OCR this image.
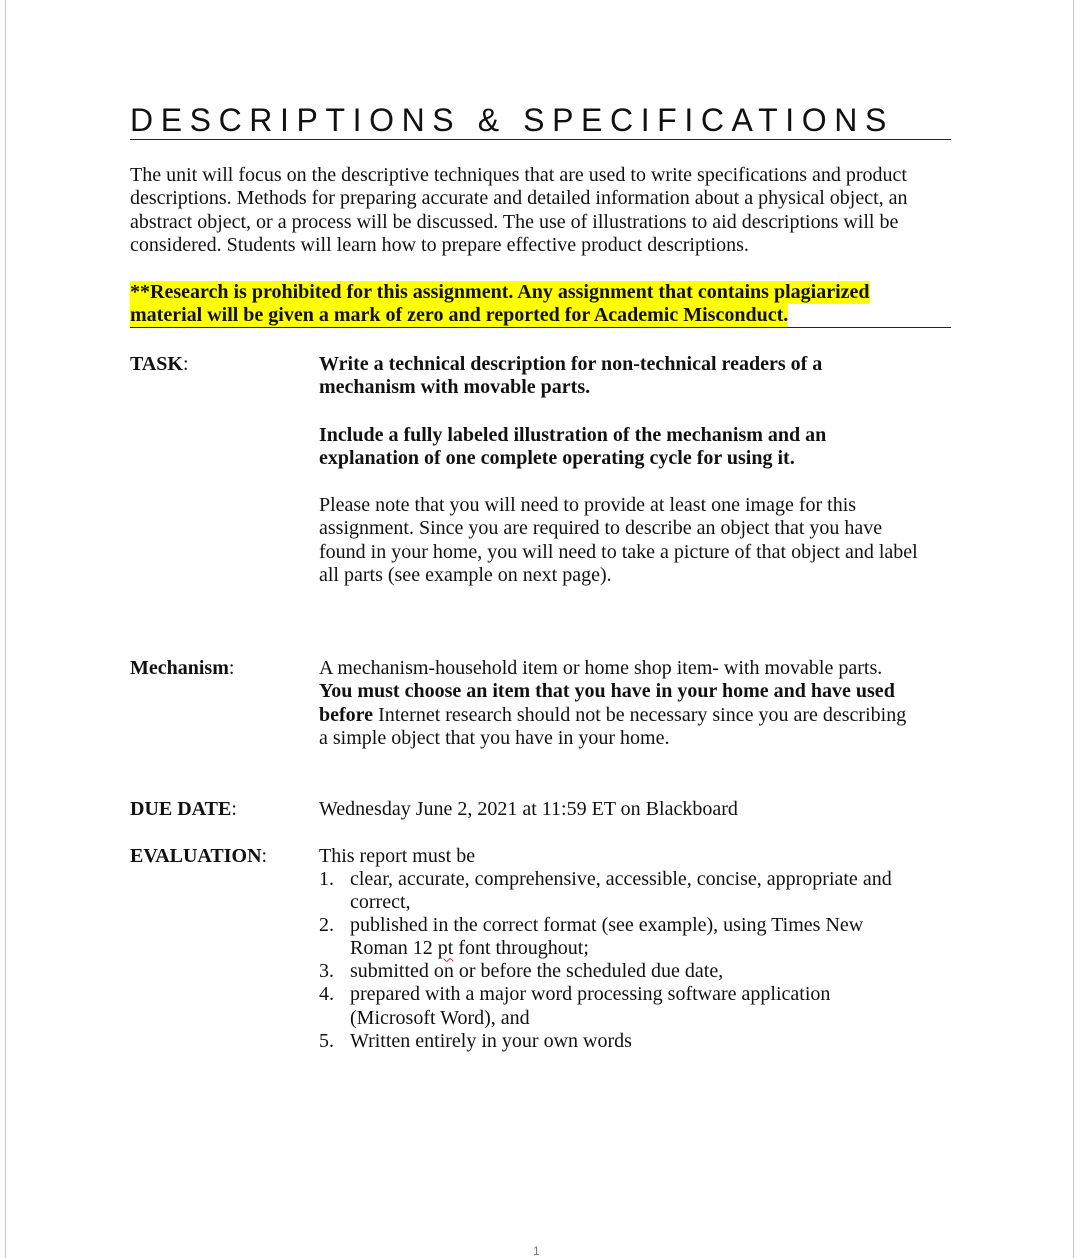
DESCRIPTIONS & SPECIFICATIONS
The unit will focus on the descriptive techniques that are used to write specifications and product
descriptions. Methods for preparing accurate and detailed information about a physical object, an
abstract object, or a process will be discussed. The use of illustrations to aid descriptions will be
considered. Students will learn how to prepare effective product descriptions.
**Research is prohibited for this assignment. Any assignment that contains plagiarized
material will be given a mark of zero and reported for Academic Misconduct.
TASK:	Write a technical description for non-technical readers of a
mechanism with movable parts.
Include a fully labeled illustration of the mechanism and an
explanation of one complete operating cycle for using it.
Please note that you will need to provide at least one image for this
assignment. Since you are required to describe an object that you have
found in your home, you will need to take a picture of that object and label
all parts (see example on next page).
Mechanism:	A mechanism-household item or home shop item- with movable parts.
You must choose an item that you have in your home and have used
before Internet research should not be necessary since you are describing
a simple object that you have in your home.
DUE DATE:	Wednesday June 2, 2021 at 11:59 ET on Blackboard
EVALUATION:	This report must be
1. clear, accurate, comprehensive, accessible, concise, appropriate and
correct,
2. published in the correct format (see example), using Times New
Roman 12 pt font throughout;
3. submitted on or before the scheduled due date,
4. prepared with a major word processing software application
(Microsoft Word), and
5. Written entirely in your own words
1
